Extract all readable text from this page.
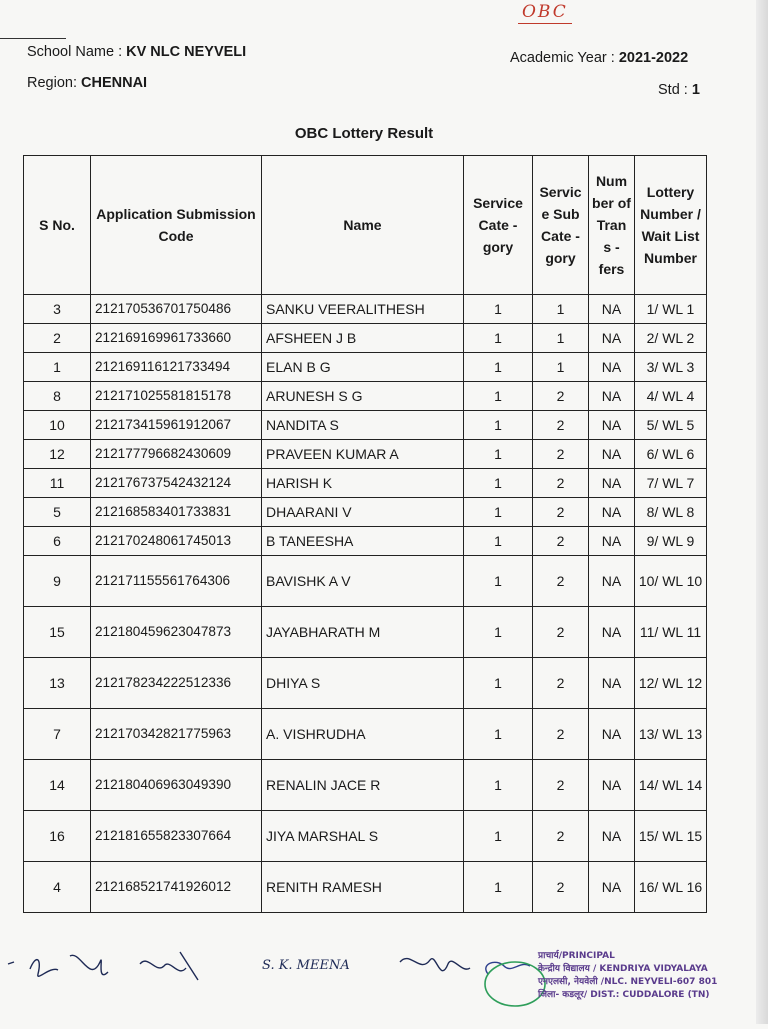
OBC
School Name : KV NLC NEYVELI	Academic Year : 2021-2022
Region: CHENNAI	Std : 1
OBC Lottery Result
S No.	Application Submission Code	Name	Service Cate - gory	Servic e Sub Cate - gory	Num ber of Tran s - fers	Lottery Number / Wait List Number
3	212170536701750486	SANKU VEERALITHESH	1	1	NA	1/ WL 1
2	212169169961733660	AFSHEEN J B	1	1	NA	2/ WL 2
1	212169116121733494	ELAN B G	1	1	NA	3/ WL 3
8	212171025581815178	ARUNESH S G	1	2	NA	4/ WL 4
10	212173415961912067	NANDITA S	1	2	NA	5/ WL 5
12	212177796682430609	PRAVEEN KUMAR A	1	2	NA	6/ WL 6
11	212176737542432124	HARISH K	1	2	NA	7/ WL 7
5	212168583401733831	DHAARANI V	1	2	NA	8/ WL 8
6	212170248061745013	B TANEESHA	1	2	NA	9/ WL 9
9	212171155561764306	BAVISHK A V	1	2	NA	10/ WL 10
15	212180459623047873	JAYABHARATH M	1	2	NA	11/ WL 11
13	212178234222512336	DHIYA S	1	2	NA	12/ WL 12
7	212170342821775963	A. VISHRUDHA	1	2	NA	13/ WL 13
14	212180406963049390	RENALIN JACE R	1	2	NA	14/ WL 14
16	212181655823307664	JIYA MARSHAL S	1	2	NA	15/ WL 15
4	212168521741926012	RENITH RAMESH	1	2	NA	16/ WL 16
S. K. MEENA
प्राचार्य/PRINCIPAL
केन्द्रीय विद्यालय / KENDRIYA VIDYALAYA
एनएलसी, नेयवेली /NLC. NEYVELI-607 801
जिला- कडलूर/ DIST.: CUDDALORE (TN)
